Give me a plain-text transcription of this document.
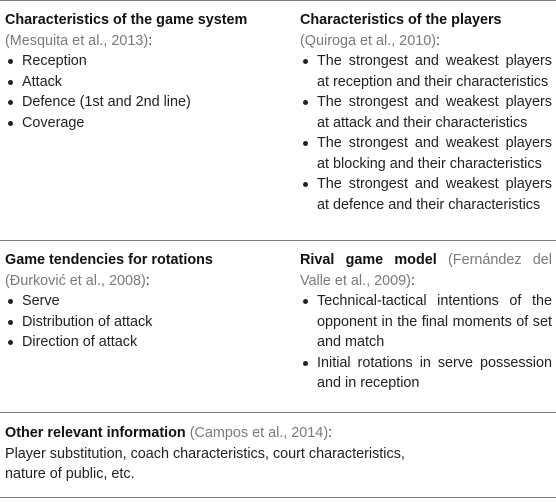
Characteristics of the game system
(Mesquita et al., 2013):
Reception
Attack
Defence (1st and 2nd line)
Coverage
Characteristics of the players
(Quiroga et al., 2010):
The strongest and weakest players at reception and their characteristics
The strongest and weakest players at attack and their characteristics
The strongest and weakest players at blocking and their characteristics
The strongest and weakest players at defence and their characteristics
Game tendencies for rotations
(Đurković et al., 2008):
Serve
Distribution of attack
Direction of attack
Rival game model (Fernández del Valle et al., 2009):
Technical-tactical intentions of the opponent in the final moments of set and match
Initial rotations in serve possession and in reception
Other relevant information (Campos et al., 2014):
Player substitution, coach characteristics, court characteristics, nature of public, etc.
